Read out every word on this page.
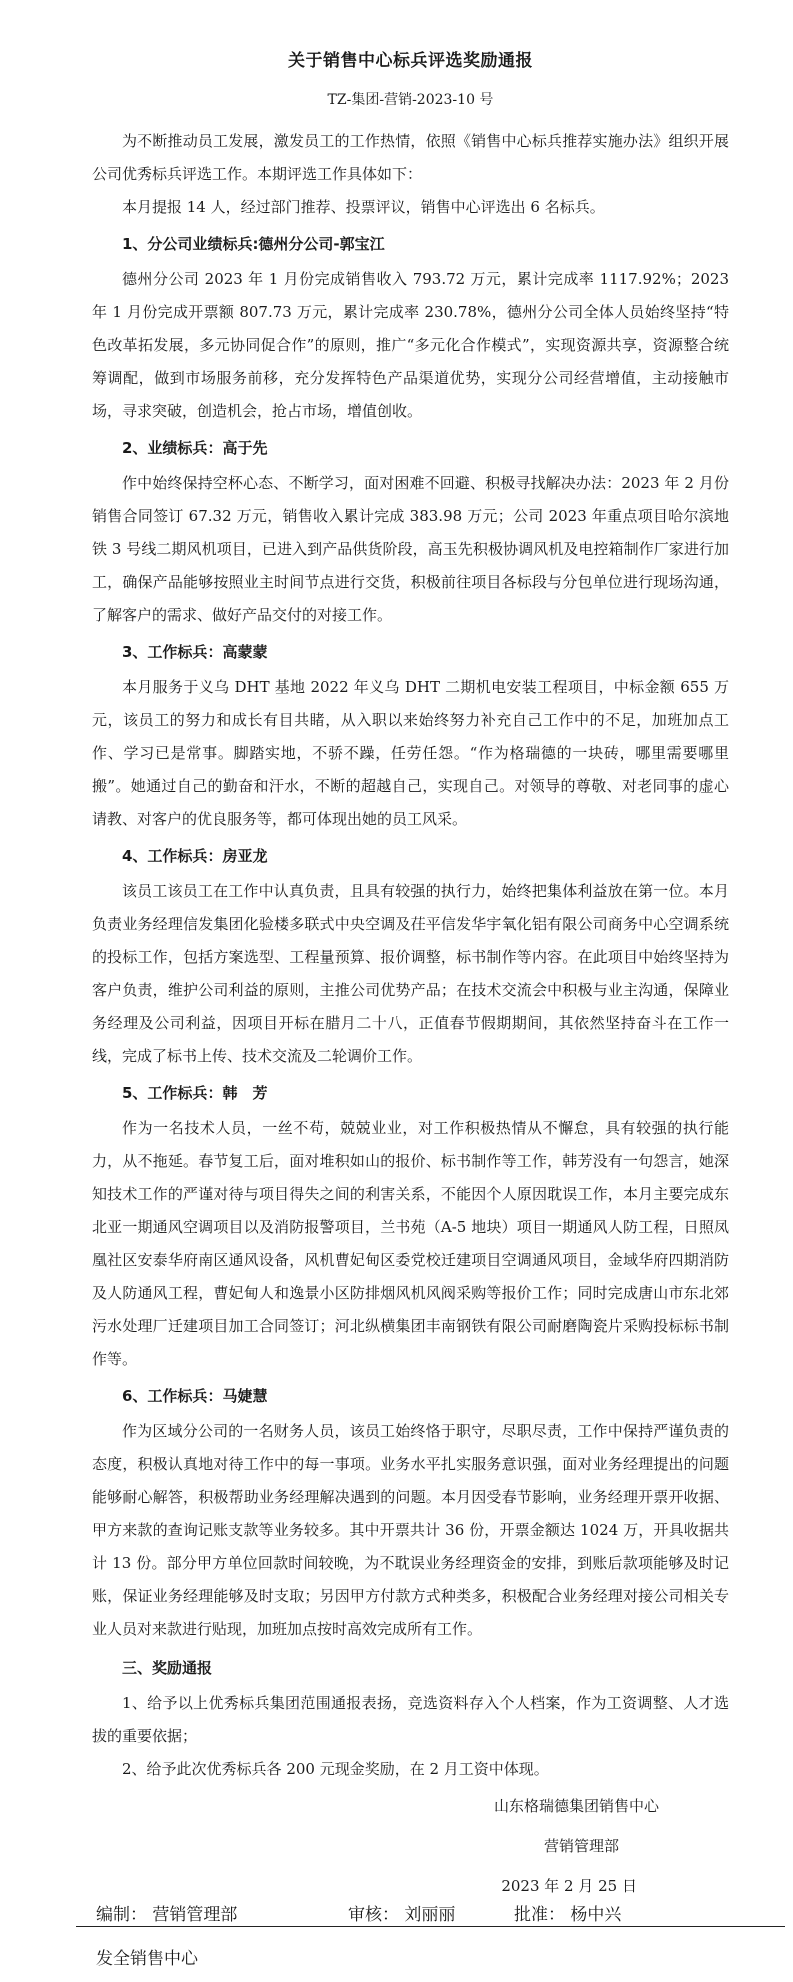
关于销售中心标兵评选奖励通报
TZ-集团-营销-2023-10 号

为不断推动员工发展，激发员工的工作热情，依照《销售中心标兵推荐实施办法》组织开展公司优秀标兵评选工作。本期评选工作具体如下：

本月提报 14 人，经过部门推荐、投票评议，销售中心评选出 6 名标兵。

1、分公司业绩标兵:德州分公司-郭宝江

德州分公司 2023 年 1 月份完成销售收入 793.72 万元，累计完成率 1117.92%；2023 年 1 月份完成开票额 807.73 万元，累计完成率 230.78%，德州分公司全体人员始终坚持“特色改革拓发展，多元协同促合作”的原则，推广“多元化合作模式”，实现资源共享，资源整合统筹调配，做到市场服务前移，充分发挥特色产品渠道优势，实现分公司经营增值，主动接触市场，寻求突破，创造机会，抢占市场，增值创收。

2、业绩标兵：高于先

作中始终保持空杯心态、不断学习，面对困难不回避、积极寻找解决办法：2023 年 2 月份销售合同签订 67.32 万元，销售收入累计完成 383.98 万元；公司 2023 年重点项目哈尔滨地铁 3 号线二期风机项目，已进入到产品供货阶段，高玉先积极协调风机及电控箱制作厂家进行加工，确保产品能够按照业主时间节点进行交货，积极前往项目各标段与分包单位进行现场沟通，了解客户的需求、做好产品交付的对接工作。

3、工作标兵：高蒙蒙

本月服务于义乌 DHT 基地 2022 年义乌 DHT 二期机电安装工程项目，中标金额 655 万元，该员工的努力和成长有目共睹，从入职以来始终努力补充自己工作中的不足，加班加点工作、学习已是常事。脚踏实地，不骄不躁，任劳任怨。“作为格瑞德的一块砖，哪里需要哪里搬”。她通过自己的勤奋和汗水，不断的超越自己，实现自己。对领导的尊敬、对老同事的虚心请教、对客户的优良服务等，都可体现出她的员工风采。

4、工作标兵：房亚龙

该员工该员工在工作中认真负责，且具有较强的执行力，始终把集体利益放在第一位。本月负责业务经理信发集团化验楼多联式中央空调及茌平信发华宇氧化铝有限公司商务中心空调系统的投标工作，包括方案选型、工程量预算、报价调整，标书制作等内容。在此项目中始终坚持为客户负责，维护公司利益的原则，主推公司优势产品；在技术交流会中积极与业主沟通，保障业务经理及公司利益，因项目开标在腊月二十八，正值春节假期期间，其依然坚持奋斗在工作一线，完成了标书上传、技术交流及二轮调价工作。

5、工作标兵：韩　芳

作为一名技术人员，一丝不苟，兢兢业业，对工作积极热情从不懈怠，具有较强的执行能力，从不拖延。春节复工后，面对堆积如山的报价、标书制作等工作，韩芳没有一句怨言，她深知技术工作的严谨对待与项目得失之间的利害关系，不能因个人原因耽误工作，本月主要完成东北亚一期通风空调项目以及消防报警项目，兰书苑（A-5 地块）项目一期通风人防工程，日照凤凰社区安泰华府南区通风设备，风机曹妃甸区委党校迁建项目空调通风项目，金域华府四期消防及人防通风工程，曹妃甸人和逸景小区防排烟风机风阀采购等报价工作；同时完成唐山市东北郊污水处理厂迁建项目加工合同签订；河北纵横集团丰南钢铁有限公司耐磨陶瓷片采购投标标书制作等。

6、工作标兵：马婕慧

作为区域分公司的一名财务人员，该员工始终恪于职守，尽职尽责，工作中保持严谨负责的态度，积极认真地对待工作中的每一事项。业务水平扎实服务意识强，面对业务经理提出的问题能够耐心解答，积极帮助业务经理解决遇到的问题。本月因受春节影响，业务经理开票开收据、甲方来款的查询记账支款等业务较多。其中开票共计 36 份，开票金额达 1024 万，开具收据共计 13 份。部分甲方单位回款时间较晚，为不耽误业务经理资金的安排，到账后款项能够及时记账，保证业务经理能够及时支取；另因甲方付款方式种类多，积极配合业务经理对接公司相关专业人员对来款进行贴现，加班加点按时高效完成所有工作。

三、奖励通报

1、给予以上优秀标兵集团范围通报表扬，竞选资料存入个人档案，作为工资调整、人才选拔的重要依据；

2、给予此次优秀标兵各 200 元现金奖励，在 2 月工资中体现。

山东格瑞德集团销售中心
营销管理部
2023 年 2 月 25 日
编制： 营销管理部	审核： 刘丽丽	批准： 杨中兴
发全销售中心
